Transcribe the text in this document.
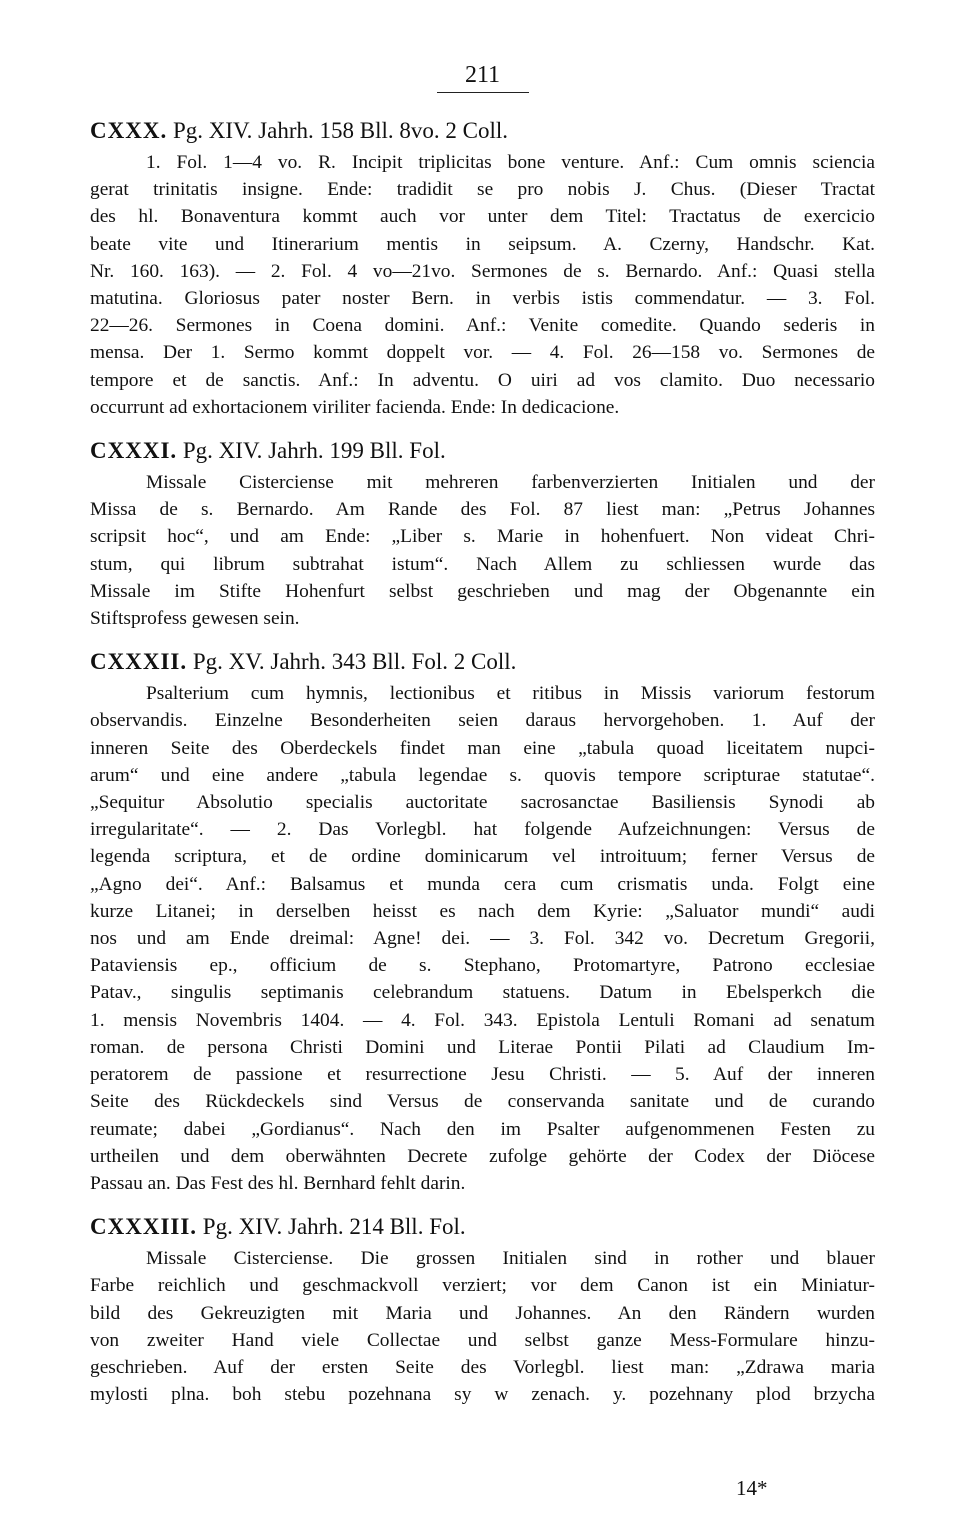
211
CXXX. Pg. XIV. Jahrh. 158 Bll. 8vo. 2 Coll.
1. Fol. 1—4 vo. R. Incipit triplicitas bone venture. Anf.: Cum omnis sciencia
gerat trinitatis insigne. Ende: tradidit se pro nobis J. Chus. (Dieser Tractat
des hl. Bonaventura kommt auch vor unter dem Titel: Tractatus de exercicio
beate vite und Itinerarium mentis in seipsum. A. Czerny, Handschr. Kat.
Nr. 160. 163). — 2. Fol. 4 vo—21vo. Sermones de s. Bernardo. Anf.: Quasi stella
matutina. Gloriosus pater noster Bern. in verbis istis commendatur. — 3. Fol.
22—26. Sermones in Coena domini. Anf.: Venite comedite. Quando sederis in
mensa. Der 1. Sermo kommt doppelt vor. — 4. Fol. 26—158 vo. Sermones de
tempore et de sanctis. Anf.: In adventu. O uiri ad vos clamito. Duo necessario
occurrunt ad exhortacionem viriliter facienda. Ende: In dedicacione.
CXXXI. Pg. XIV. Jahrh. 199 Bll. Fol.
Missale Cisterciense mit mehreren farbenverzierten Initialen und der
Missa de s. Bernardo. Am Rande des Fol. 87 liest man: „Petrus Johannes
scripsit hoc“, und am Ende: „Liber s. Marie in hohenfuert. Non videat Chri-
stum, qui librum subtrahat istum“. Nach Allem zu schliessen wurde das
Missale im Stifte Hohenfurt selbst geschrieben und mag der Obgenannte ein
Stiftsprofess gewesen sein.
CXXXII. Pg. XV. Jahrh. 343 Bll. Fol. 2 Coll.
Psalterium cum hymnis, lectionibus et ritibus in Missis variorum festorum
observandis. Einzelne Besonderheiten seien daraus hervorgehoben. 1. Auf der
inneren Seite des Oberdeckels findet man eine „tabula quoad liceitatem nupci-
arum“ und eine andere „tabula legendae s. quovis tempore scripturae statutae“.
„Sequitur Absolutio specialis auctoritate sacrosanctae Basiliensis Synodi ab
irregularitate“. — 2. Das Vorlegbl. hat folgende Aufzeichnungen: Versus de
legenda scriptura, et de ordine dominicarum vel introituum; ferner Versus de
„Agno dei“. Anf.: Balsamus et munda cera cum crismatis unda. Folgt eine
kurze Litanei; in derselben heisst es nach dem Kyrie: „Saluator mundi“ audi
nos und am Ende dreimal: Agne! dei. — 3. Fol. 342 vo. Decretum Gregorii,
Pataviensis ep., officium de s. Stephano, Protomartyre, Patrono ecclesiae
Patav., singulis septimanis celebrandum statuens. Datum in Ebelsperkch die
1. mensis Novembris 1404. — 4. Fol. 343. Epistola Lentuli Romani ad senatum
roman. de persona Christi Domini und Literae Pontii Pilati ad Claudium Im-
peratorem de passione et resurrectione Jesu Christi. — 5. Auf der inneren
Seite des Rückdeckels sind Versus de conservanda sanitate und de curando
reumate; dabei „Gordianus“. Nach den im Psalter aufgenommenen Festen zu
urtheilen und dem oberwähnten Decrete zufolge gehörte der Codex der Diöcese
Passau an. Das Fest des hl. Bernhard fehlt darin.
CXXXIII. Pg. XIV. Jahrh. 214 Bll. Fol.
Missale Cisterciense. Die grossen Initialen sind in rother und blauer
Farbe reichlich und geschmackvoll verziert; vor dem Canon ist ein Miniatur-
bild des Gekreuzigten mit Maria und Johannes. An den Rändern wurden
von zweiter Hand viele Collectae und selbst ganze Mess-Formulare hinzu-
geschrieben. Auf der ersten Seite des Vorlegbl. liest man: „Zdrawa maria
mylosti plna. boh stebu pozehnana sy w zenach. y. pozehnany plod brzycha
14*
